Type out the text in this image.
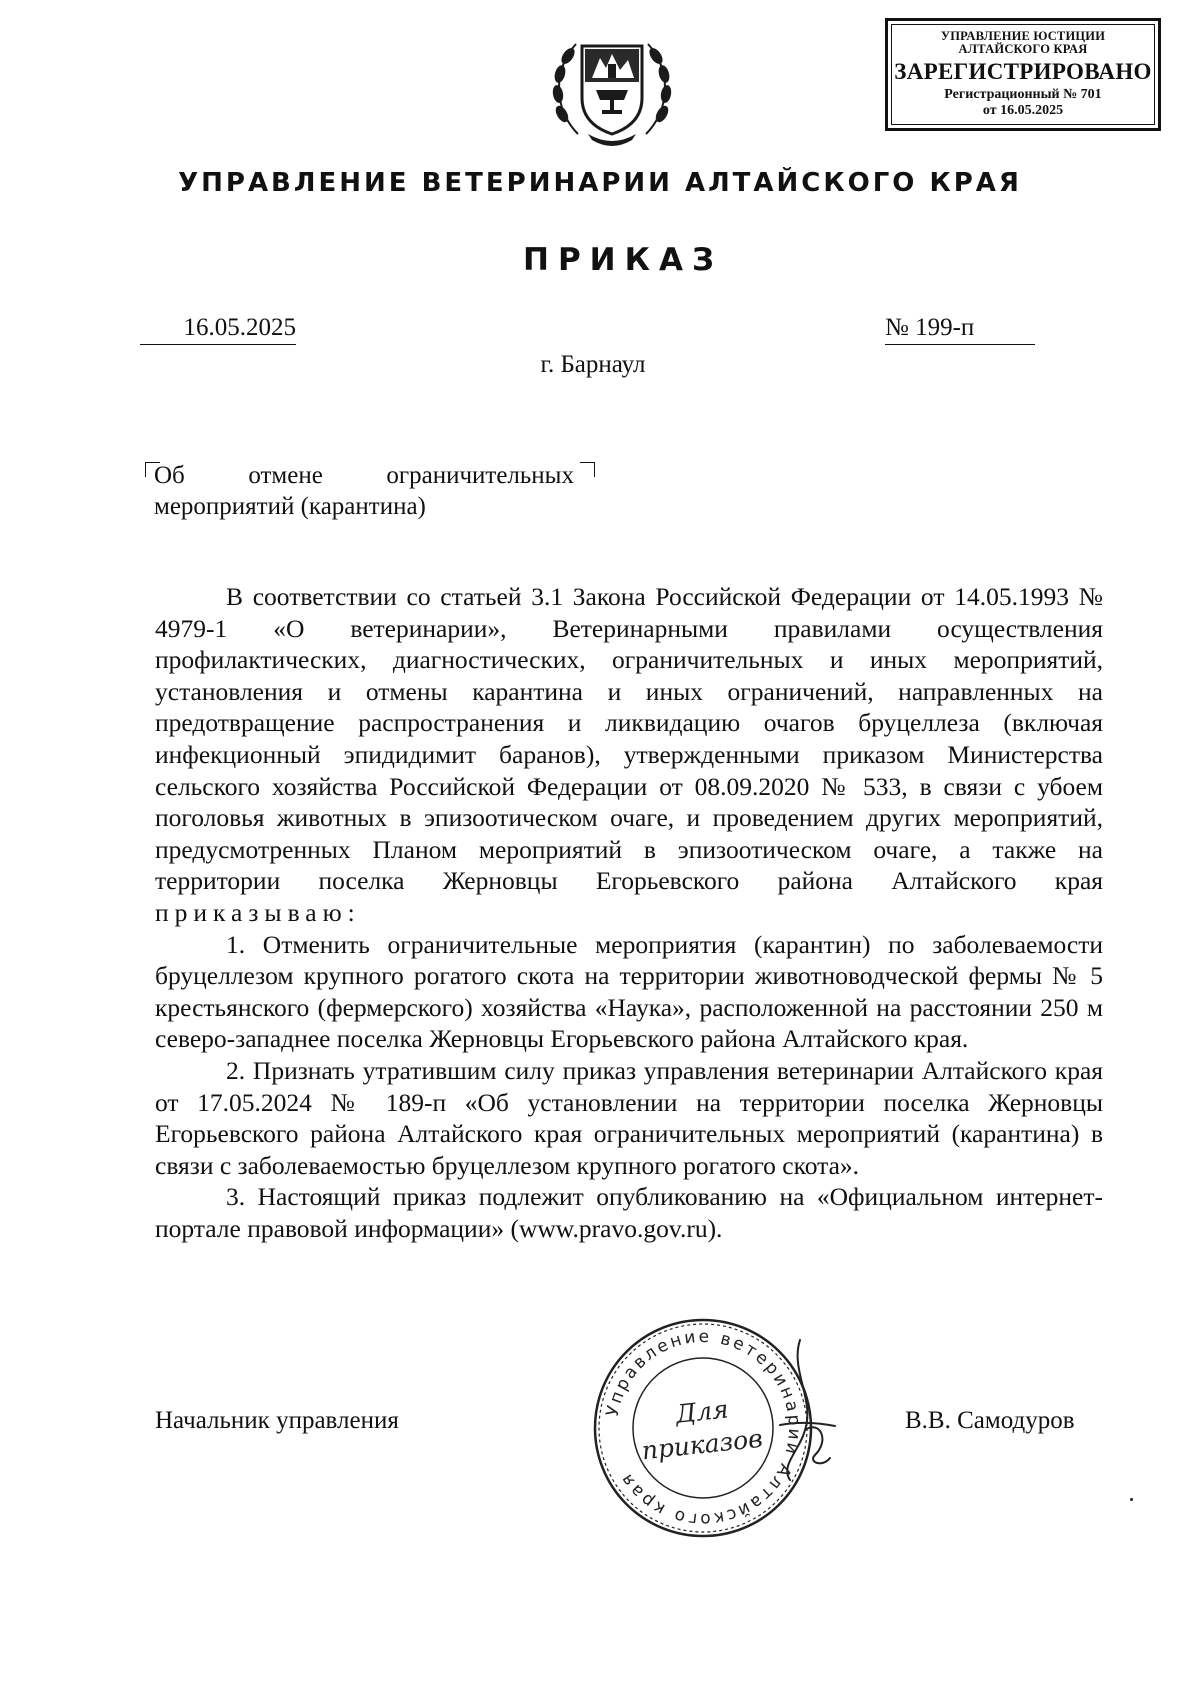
УПРАВЛЕНИЕ ЮСТИЦИИ
АЛТАЙСКОГО КРАЯ
ЗАРЕГИСТРИРОВАНО
Регистрационный № 701
от 16.05.2025
УПРАВЛЕНИЕ ВЕТЕРИНАРИИ АЛТАЙСКОГО КРАЯ
ПРИКАЗ
16.05.2025	№ 199-п
г. Барнаул
Об	отмене	ограничительных
мероприятий (карантина)

В соответствии со статьей 3.1 Закона Российской Федерации от 14.05.1993 № 4979-1 «О ветеринарии», Ветеринарными правилами осуществления профилактических, диагностических, ограничительных и иных мероприятий, установления и отмены карантина и иных ограничений, направленных на предотвращение распространения и ликвидацию очагов бруцеллеза (включая инфекционный эпидидимит баранов), утвержденными приказом Министерства сельского хозяйства Российской Федерации от 08.09.2020 № 533, в связи с убоем поголовья животных в эпизоотическом очаге, и проведением других мероприятий, предусмотренных Планом мероприятий в эпизоотическом очаге, а также на территории поселка Жерновцы Егорьевского района Алтайского края приказываю:

1. Отменить ограничительные мероприятия (карантин) по заболеваемости бруцеллезом крупного рогатого скота на территории животноводческой фермы № 5 крестьянского (фермерского) хозяйства «Наука», расположенной на расстоянии 250 м северо-западнее поселка Жерновцы Егорьевского района Алтайского края.

2. Признать утратившим силу приказ управления ветеринарии Алтайского края от 17.05.2024 № 189-п «Об установлении на территории поселка Жерновцы Егорьевского района Алтайского края ограничительных мероприятий (карантина) в связи с заболеваемостью бруцеллезом крупного рогатого скота».

3. Настоящий приказ подлежит опубликованию на «Официальном интернет-портале правовой информации» (www.pravo.gov.ru).

Начальник управления	В.В. Самодуров
Управление ветеринарии Алтайского края
Для
приказов
